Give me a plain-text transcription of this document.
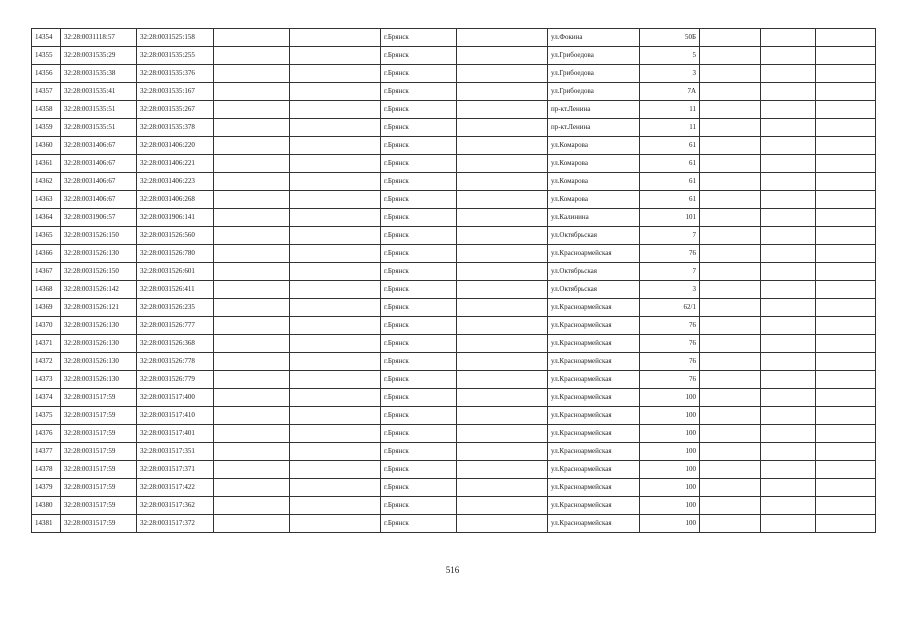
14354	32:28:0031118:57	32:28:0031525:158			г.Брянск		ул.Фокина	50Б			
14355	32:28:0031535:29	32:28:0031535:255			г.Брянск		ул.Грибоедова	5			
14356	32:28:0031535:38	32:28:0031535:376			г.Брянск		ул.Грибоедова	3			
14357	32:28:0031535:41	32:28:0031535:167			г.Брянск		ул.Грибоедова	7А			
14358	32:28:0031535:51	32:28:0031535:267			г.Брянск		пр-кт.Ленина	11			
14359	32:28:0031535:51	32:28:0031535:378			г.Брянск		пр-кт.Ленина	11			
14360	32:28:0031406:67	32:28:0031406:220			г.Брянск		ул.Комарова	61			
14361	32:28:0031406:67	32:28:0031406:221			г.Брянск		ул.Комарова	61			
14362	32:28:0031406:67	32:28:0031406:223			г.Брянск		ул.Комарова	61			
14363	32:28:0031406:67	32:28:0031406:268			г.Брянск		ул.Комарова	61			
14364	32:28:0031906:57	32:28:0031906:141			г.Брянск		ул.Калинина	101			
14365	32:28:0031526:150	32:28:0031526:560			г.Брянск		ул.Октябрьская	7			
14366	32:28:0031526:130	32:28:0031526:780			г.Брянск		ул.Красноармейская	76			
14367	32:28:0031526:150	32:28:0031526:601			г.Брянск		ул.Октябрьская	7			
14368	32:28:0031526:142	32:28:0031526:411			г.Брянск		ул.Октябрьская	3			
14369	32:28:0031526:121	32:28:0031526:235			г.Брянск		ул.Красноармейская	62/1			
14370	32:28:0031526:130	32:28:0031526:777			г.Брянск		ул.Красноармейская	76			
14371	32:28:0031526:130	32:28:0031526:368			г.Брянск		ул.Красноармейская	76			
14372	32:28:0031526:130	32:28:0031526:778			г.Брянск		ул.Красноармейская	76			
14373	32:28:0031526:130	32:28:0031526:779			г.Брянск		ул.Красноармейская	76			
14374	32:28:0031517:59	32:28:0031517:400			г.Брянск		ул.Красноармейская	100			
14375	32:28:0031517:59	32:28:0031517:410			г.Брянск		ул.Красноармейская	100			
14376	32:28:0031517:59	32:28:0031517:401			г.Брянск		ул.Красноармейская	100			
14377	32:28:0031517:59	32:28:0031517:351			г.Брянск		ул.Красноармейская	100			
14378	32:28:0031517:59	32:28:0031517:371			г.Брянск		ул.Красноармейская	100			
14379	32:28:0031517:59	32:28:0031517:422			г.Брянск		ул.Красноармейская	100			
14380	32:28:0031517:59	32:28:0031517:362			г.Брянск		ул.Красноармейская	100			
14381	32:28:0031517:59	32:28:0031517:372			г.Брянск		ул.Красноармейская	100			
516
